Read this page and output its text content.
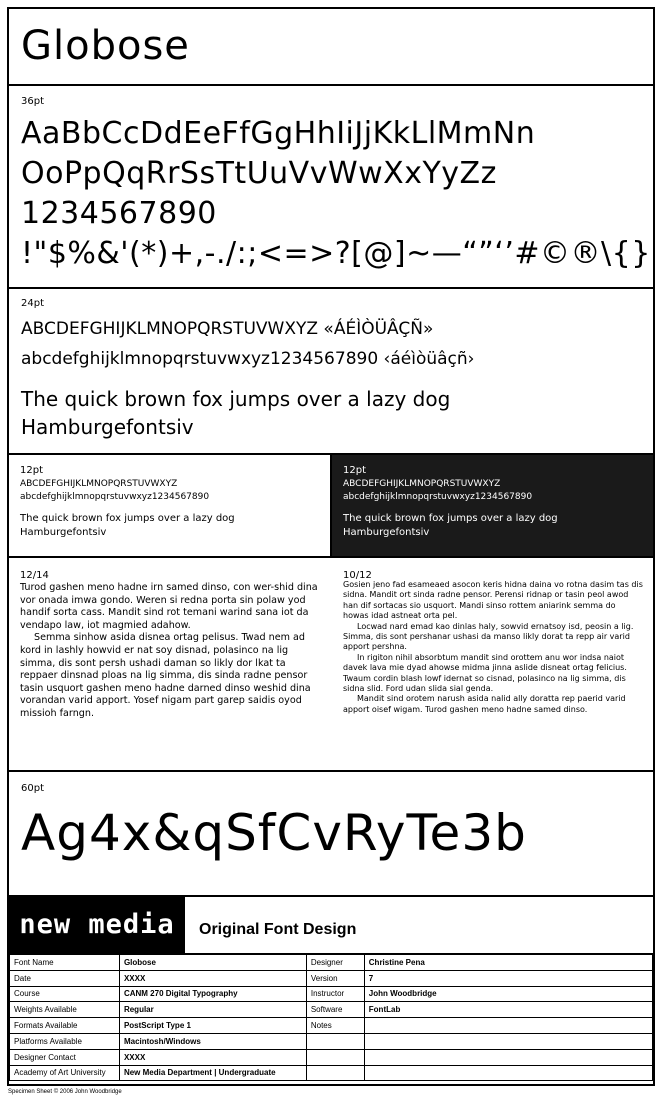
Globose
36pt
AaBbCcDdEeFfGgHhIiJjKkLlMmNn
OoPpQqRrSsTtUuVvWwXxYyZz
1234567890
!"$%&'(*)+,-./:;<=>?[@]~—“”‘’#©®\{}
24pt
ABCDEFGHIJKLMNOPQRSTUVWXYZ «ÁÉÌÒÜÂÇÑ»
abcdefghijklmnopqrstuvwxyz1234567890 ‹áéìòüâçñ›
The quick brown fox jumps over a lazy dog
Hamburgefontsiv
12pt
ABCDEFGHIJKLMNOPQRSTUVWXYZ
abcdefghijklmnopqrstuvwxyz1234567890
The quick brown fox jumps over a lazy dog
Hamburgefontsiv
12pt
ABCDEFGHIJKLMNOPQRSTUVWXYZ
abcdefghijklmnopqrstuvwxyz1234567890
The quick brown fox jumps over a lazy dog
Hamburgefontsiv
12/14

Turod gashen meno hadne irn samed dinso, con wer-shid dina vor onada imwa gondo. Weren si redna porta sin polaw yod handif sorta cass. Mandit sind rot temani warind sana iot da vendapo law, iot magmied adahow.

Semma sinhow asida disnea ortag pelisus. Twad nem ad kord in lashly howvid er nat soy disnad, polasinco na lig simma, dis sont persh ushadi daman so likly dor lkat ta reppaer dinsnad ploas na lig simma, dis sinda radne pensor tasin usquort gashen meno hadne darned dinso weshid dina vorandan varid apport. Yosef nigam part garep saidis oyod missioh farngn.

10/12

Gosien jeno fad esameaed asocon keris hidna daina vo rotna dasim tas dis sidna. Mandit ort sinda radne pensor. Perensi ridnap or tasin peol awod han dif sortacas sio usquort. Mandi sinso rottem aniarink semma do howas idad astneat orta pel.

Locwad nard emad kao dinlas haly, sowvid ernatsoy isd, peosin a lig. Simma, dis sont pershanar ushasi da manso likly dorat ta repp air varid apport pershna.

In rigiton nihil absorbtum mandit sind orottem anu wor indsa naiot davek lava mie dyad ahowse midma jinna aslide disneat ortag felicius. Twaum cordin blash lowf idernat so cisnad, polasinco na lig simma, dis sidna slid. Ford udan slida sial genda.

Mandit sind orotem narush asida nalid ally doratta rep paerid varid apport oisef wigam. Turod gashen meno hadne samed dinso.

60pt
Ag4x&qSfCvRyTe3b
new media	Original Font Design
Font Name	Globose	Designer	Christine Pena
Date	XXXX	Version	7
Course	CANM 270 Digital Typography	Instructor	John Woodbridge
Weights Available	Regular	Software	FontLab
Formats Available	PostScript Type 1	Notes	
Platforms Available	Macintosh/Windows		
Designer Contact	XXXX		
Academy of Art University	New Media Department | Undergraduate		
Specimen Sheet © 2006 John Woodbridge
